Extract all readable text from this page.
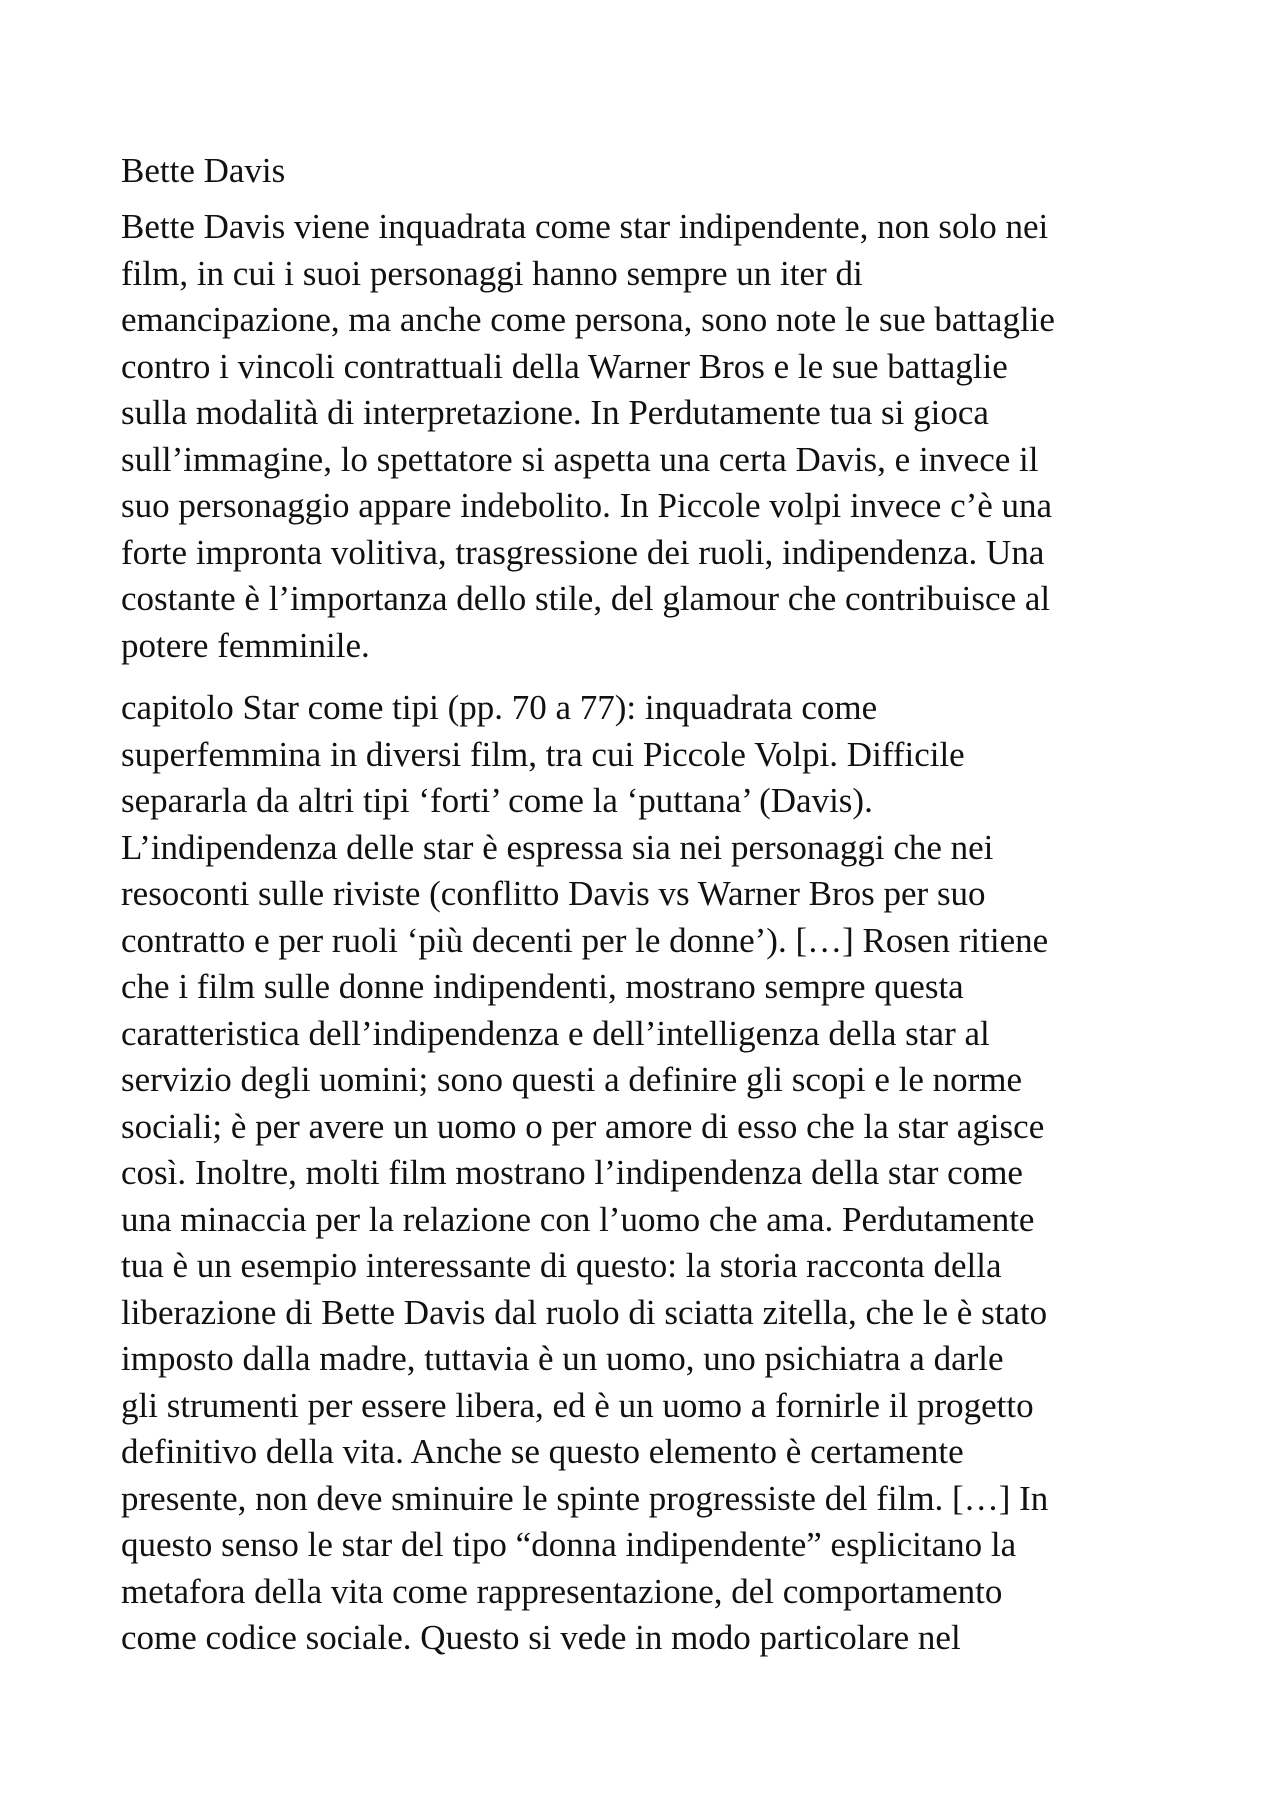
Bette Davis

Bette Davis viene inquadrata come star indipendente, non solo nei
film, in cui i suoi personaggi hanno sempre un iter di
emancipazione, ma anche come persona, sono note le sue battaglie
contro i vincoli contrattuali della Warner Bros e le sue battaglie
sulla modalità di interpretazione. In Perdutamente tua si gioca
sull’immagine, lo spettatore si aspetta una certa Davis, e invece il
suo personaggio appare indebolito. In Piccole volpi invece c’è una
forte impronta volitiva, trasgressione dei ruoli, indipendenza. Una
costante è l’importanza dello stile, del glamour che contribuisce al
potere femminile.

capitolo Star come tipi (pp. 70 a 77): inquadrata come
superfemmina in diversi film, tra cui Piccole Volpi. Difficile
separarla da altri tipi ‘forti’ come la ‘puttana’ (Davis).
L’indipendenza delle star è espressa sia nei personaggi che nei
resoconti sulle riviste (conflitto Davis vs Warner Bros per suo
contratto e per ruoli ‘più decenti per le donne’). […] Rosen ritiene
che i film sulle donne indipendenti, mostrano sempre questa
caratteristica dell’indipendenza e dell’intelligenza della star al
servizio degli uomini; sono questi a definire gli scopi e le norme
sociali; è per avere un uomo o per amore di esso che la star agisce
così. Inoltre, molti film mostrano l’indipendenza della star come
una minaccia per la relazione con l’uomo che ama. Perdutamente
tua è un esempio interessante di questo: la storia racconta della
liberazione di Bette Davis dal ruolo di sciatta zitella, che le è stato
imposto dalla madre, tuttavia è un uomo, uno psichiatra a darle
gli strumenti per essere libera, ed è un uomo a fornirle il progetto
definitivo della vita. Anche se questo elemento è certamente
presente, non deve sminuire le spinte progressiste del film. […] In
questo senso le star del tipo “donna indipendente” esplicitano la
metafora della vita come rappresentazione, del comportamento
come codice sociale. Questo si vede in modo particolare nel
